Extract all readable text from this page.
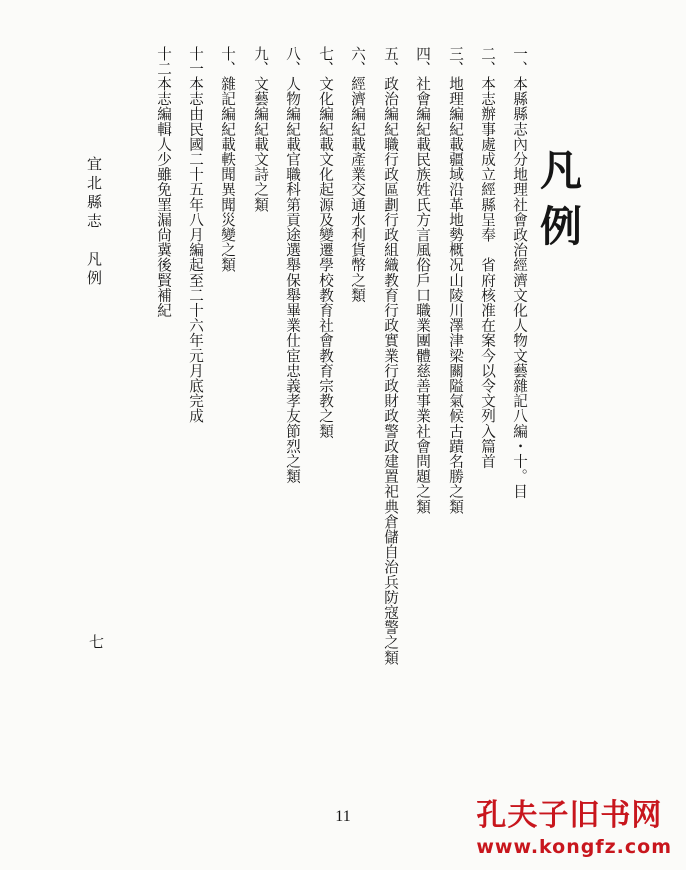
凡例
一、本縣縣志內分地理社會政治經濟文化人物文藝雜記八編・十。目
二、本志辦事處成立經縣呈奉　省府核准在案今以令文列入篇首
三、地理編紀載疆域沿革地勢概况山陵川澤津梁關隘氣候古蹟名勝之類
四、社會編紀載民族姓氏方言風俗戶口職業團體慈善事業社會問題之類
五、政治編紀職行政區劃行政組織教育行政實業行政財政警政建置祀典倉儲自治兵防寇警之類
六、經濟編紀載產業交通水利貨幣之類
七、文化編紀載文化起源及變遷學校教育社會教育宗教之類
八、人物編紀載官職科第貢途選舉保舉畢業仕宦忠義孝友節烈之類
九、文藝編紀載文詩之類
十、雜記編紀載軼聞異聞災變之類
十一本志由民國二十五年八月編起至二十六年元月底完成
十二本志編輯人少雖免罣漏尙冀後賢補紀
宜北縣志　凡例
七
11	孔夫子旧书网
www.kongfz.com
